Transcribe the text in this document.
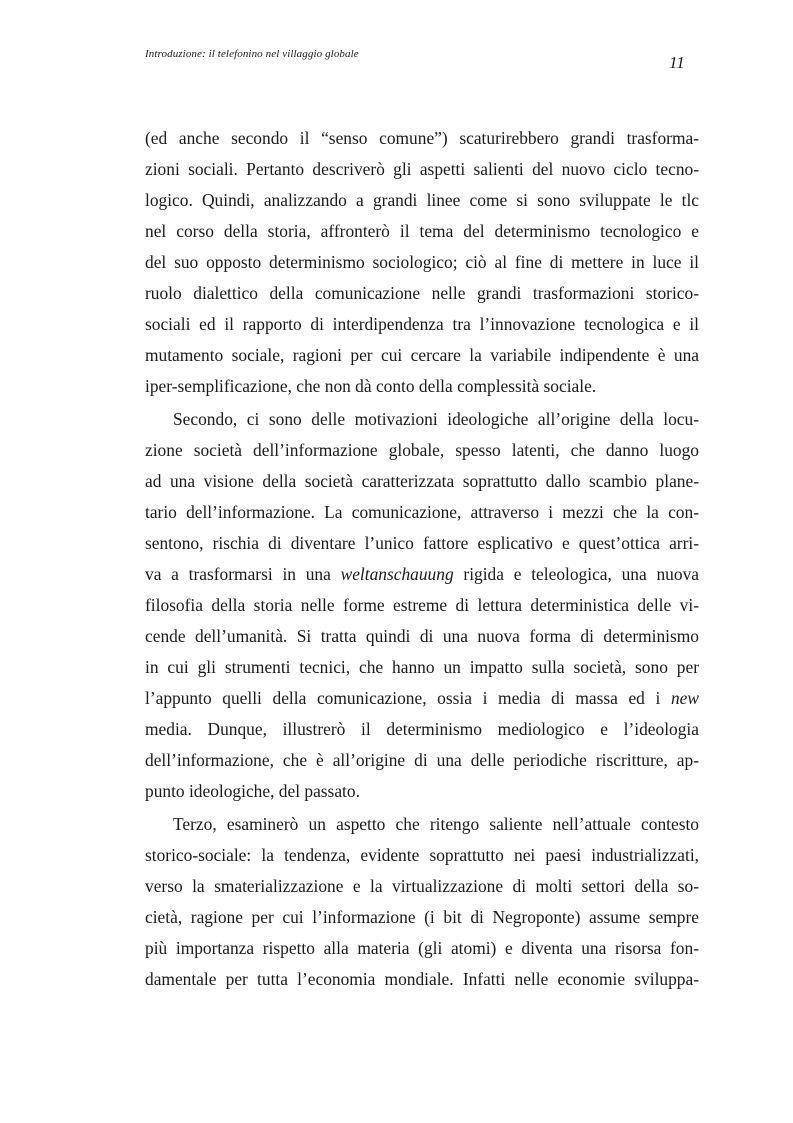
Introduzione: il telefonino nel villaggio globale	11
(ed anche secondo il “senso comune”) scaturirebbero grandi trasforma-
zioni sociali. Pertanto descriverò gli aspetti salienti del nuovo ciclo tecno-
logico. Quindi, analizzando a grandi linee come si sono sviluppate le tlc
nel corso della storia, affronterò il tema del determinismo tecnologico e
del suo opposto determinismo sociologico; ciò al fine di mettere in luce il
ruolo dialettico della comunicazione nelle grandi trasformazioni storico-
sociali ed il rapporto di interdipendenza tra l’innovazione tecnologica e il
mutamento sociale, ragioni per cui cercare la variabile indipendente è una
iper-semplificazione, che non dà conto della complessità sociale.
Secondo, ci sono delle motivazioni ideologiche all’origine della locu-
zione società dell’informazione globale, spesso latenti, che danno luogo
ad una visione della società caratterizzata soprattutto dallo scambio plane-
tario dell’informazione. La comunicazione, attraverso i mezzi che la con-
sentono, rischia di diventare l’unico fattore esplicativo e quest’ottica arri-
va a trasformarsi in una weltanschauung rigida e teleologica, una nuova
filosofia della storia nelle forme estreme di lettura deterministica delle vi-
cende dell’umanità. Si tratta quindi di una nuova forma di determinismo
in cui gli strumenti tecnici, che hanno un impatto sulla società, sono per
l’appunto quelli della comunicazione, ossia i media di massa ed i new
media. Dunque, illustrerò il determinismo mediologico e l’ideologia
dell’informazione, che è all’origine di una delle periodiche riscritture, ap-
punto ideologiche, del passato.
Terzo, esaminerò un aspetto che ritengo saliente nell’attuale contesto
storico-sociale: la tendenza, evidente soprattutto nei paesi industrializzati,
verso la smaterializzazione e la virtualizzazione di molti settori della so-
cietà, ragione per cui l’informazione (i bit di Negroponte) assume sempre
più importanza rispetto alla materia (gli atomi) e diventa una risorsa fon-
damentale per tutta l’economia mondiale. Infatti nelle economie sviluppa-
